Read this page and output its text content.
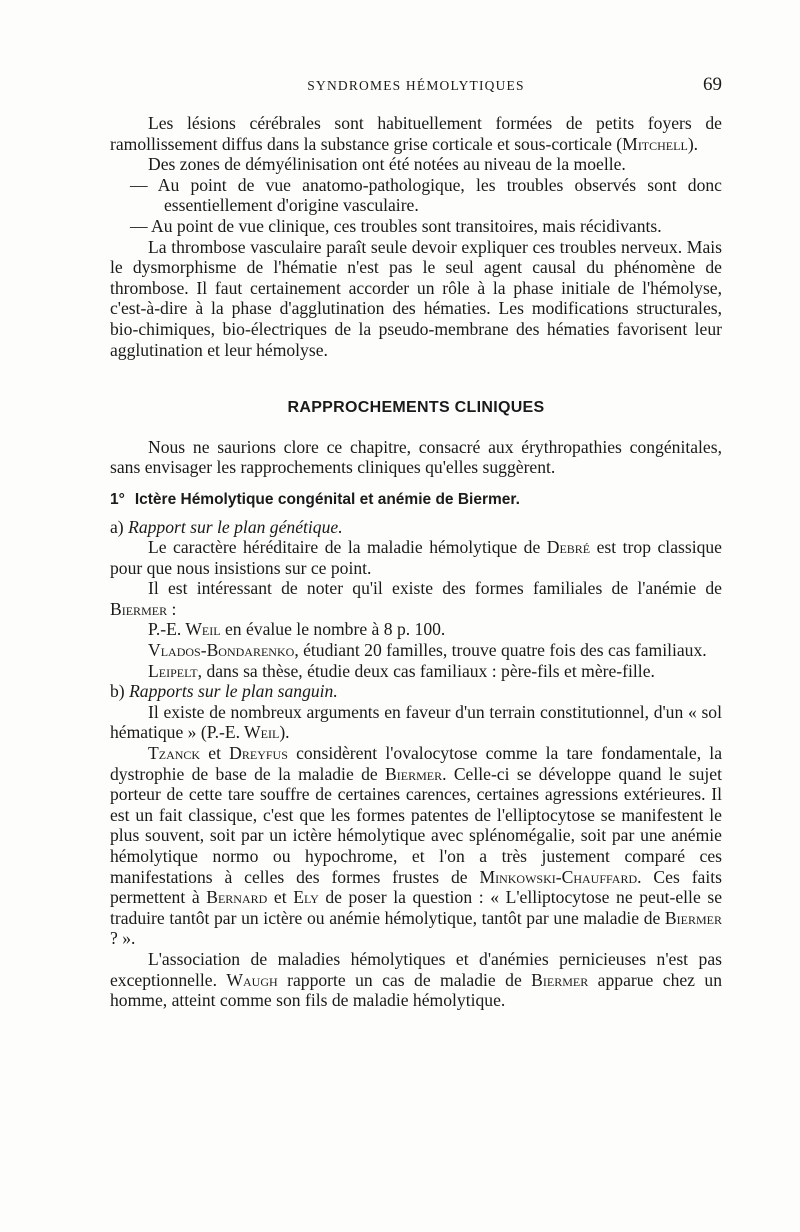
SYNDROMES HÉMOLYTIQUES	69

Les lésions cérébrales sont habituellement formées de petits foyers de ramollissement diffus dans la substance grise corticale et sous-corticale (Mitchell).

Des zones de démyélinisation ont été notées au niveau de la moelle.

— Au point de vue anatomo-pathologique, les troubles observés sont donc essentiellement d'origine vasculaire.

— Au point de vue clinique, ces troubles sont transitoires, mais récidivants.

La thrombose vasculaire paraît seule devoir expliquer ces troubles nerveux. Mais le dysmorphisme de l'hématie n'est pas le seul agent causal du phénomène de thrombose. Il faut certainement accorder un rôle à la phase initiale de l'hémolyse, c'est-à-dire à la phase d'agglutination des hématies. Les modifications structurales, bio-chimiques, bio-électriques de la pseudo-membrane des hématies favorisent leur agglutination et leur hémolyse.

RAPPROCHEMENTS CLINIQUES

Nous ne saurions clore ce chapitre, consacré aux érythropathies congénitales, sans envisager les rapprochements cliniques qu'elles suggèrent.

1° Ictère Hémolytique congénital et anémie de Biermer.

a) Rapport sur le plan génétique.

Le caractère héréditaire de la maladie hémolytique de Debré est trop classique pour que nous insistions sur ce point.

Il est intéressant de noter qu'il existe des formes familiales de l'anémie de Biermer :

P.-E. Weil en évalue le nombre à 8 p. 100.

Vlados-Bondarenko, étudiant 20 familles, trouve quatre fois des cas familiaux.

Leipelt, dans sa thèse, étudie deux cas familiaux : père-fils et mère-fille.

b) Rapports sur le plan sanguin.

Il existe de nombreux arguments en faveur d'un terrain constitutionnel, d'un « sol hématique » (P.-E. Weil).

Tzanck et Dreyfus considèrent l'ovalocytose comme la tare fondamentale, la dystrophie de base de la maladie de Biermer. Celle-ci se développe quand le sujet porteur de cette tare souffre de certaines carences, certaines agressions extérieures. Il est un fait classique, c'est que les formes patentes de l'elliptocytose se manifestent le plus souvent, soit par un ictère hémolytique avec splénomégalie, soit par une anémie hémolytique normo ou hypochrome, et l'on a très justement comparé ces manifestations à celles des formes frustes de Minkowski-Chauffard. Ces faits permettent à Bernard et Ely de poser la question : « L'elliptocytose ne peut-elle se traduire tantôt par un ictère ou anémie hémolytique, tantôt par une maladie de Biermer ? ».

L'association de maladies hémolytiques et d'anémies pernicieuses n'est pas exceptionnelle. Waugh rapporte un cas de maladie de Biermer apparue chez un homme, atteint comme son fils de maladie hémolytique.
